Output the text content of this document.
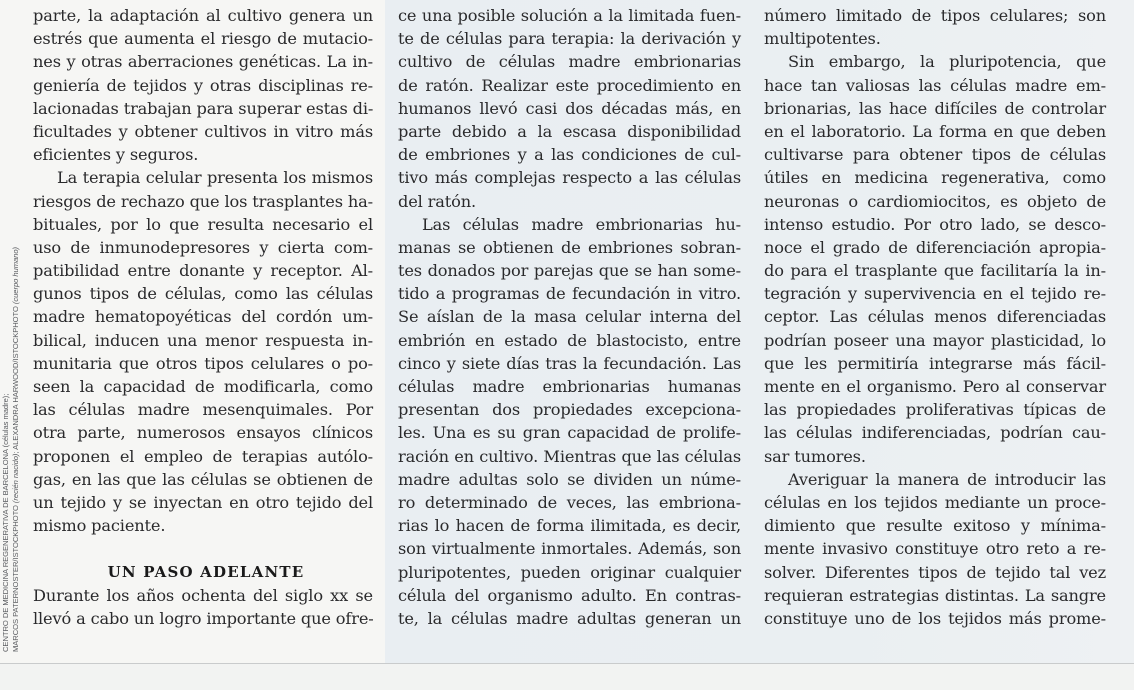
CENTRO DE MEDICINA REGENERATIVA DE BARCELONA (células madre); MARCOS PATERNOSTER/ISTOCKPHOTO (recién nacido); ALEXANDRA HARWOOD/ISTOCKPHOTO (cuerpo humano)
parte, la adaptación al cultivo genera un
estrés que aumenta el riesgo de mutacio-
nes y otras aberraciones genéticas. La in-
geniería de tejidos y otras disciplinas re-
lacionadas trabajan para superar estas di-
ficultades y obtener cultivos in vitro más
eficientes y seguros.
La terapia celular presenta los mismos
riesgos de rechazo que los trasplantes ha-
bituales, por lo que resulta necesario el
uso de inmunodepresores y cierta com-
patibilidad entre donante y receptor. Al-
gunos tipos de células, como las células
madre hematopoyéticas del cordón um-
bilical, inducen una menor respuesta in-
munitaria que otros tipos celulares o po-
seen la capacidad de modificarla, como
las células madre mesenquimales. Por
otra parte, numerosos ensayos clínicos
proponen el empleo de terapias autólo-
gas, en las que las células se obtienen de
un tejido y se inyectan en otro tejido del
mismo paciente.
UN PASO ADELANTE
Durante los años ochenta del siglo xx se
llevó a cabo un logro importante que ofre-
ce una posible solución a la limitada fuen-
te de células para terapia: la derivación y
cultivo de células madre embrionarias
de ratón. Realizar este procedimiento en
humanos llevó casi dos décadas más, en
parte debido a la escasa disponibilidad
de embriones y a las condiciones de cul-
tivo más complejas respecto a las células
del ratón.
Las células madre embrionarias hu-
manas se obtienen de embriones sobran-
tes donados por parejas que se han some-
tido a programas de fecundación in vitro.
Se aíslan de la masa celular interna del
embrión en estado de blastocisto, entre
cinco y siete días tras la fecundación. Las
células madre embrionarias humanas
presentan dos propiedades excepciona-
les. Una es su gran capacidad de prolife-
ración en cultivo. Mientras que las células
madre adultas solo se dividen un núme-
ro determinado de veces, las embriona-
rias lo hacen de forma ilimitada, es decir,
son virtualmente inmortales. Además, son
pluripotentes, pueden originar cualquier
célula del organismo adulto. En contras-
te, la células madre adultas generan un
número limitado de tipos celulares; son
multipotentes.
Sin embargo, la pluripotencia, que
hace tan valiosas las células madre em-
brionarias, las hace difíciles de controlar
en el laboratorio. La forma en que deben
cultivarse para obtener tipos de células
útiles en medicina regenerativa, como
neuronas o cardiomiocitos, es objeto de
intenso estudio. Por otro lado, se desco-
noce el grado de diferenciación apropia-
do para el trasplante que facilitaría la in-
tegración y supervivencia en el tejido re-
ceptor. Las células menos diferenciadas
podrían poseer una mayor plasticidad, lo
que les permitiría integrarse más fácil-
mente en el organismo. Pero al conservar
las propiedades proliferativas típicas de
las células indiferenciadas, podrían cau-
sar tumores.
Averiguar la manera de introducir las
células en los tejidos mediante un proce-
dimiento que resulte exitoso y mínima-
mente invasivo constituye otro reto a re-
solver. Diferentes tipos de tejido tal vez
requieran estrategias distintas. La sangre
constituye uno de los tejidos más prome-
